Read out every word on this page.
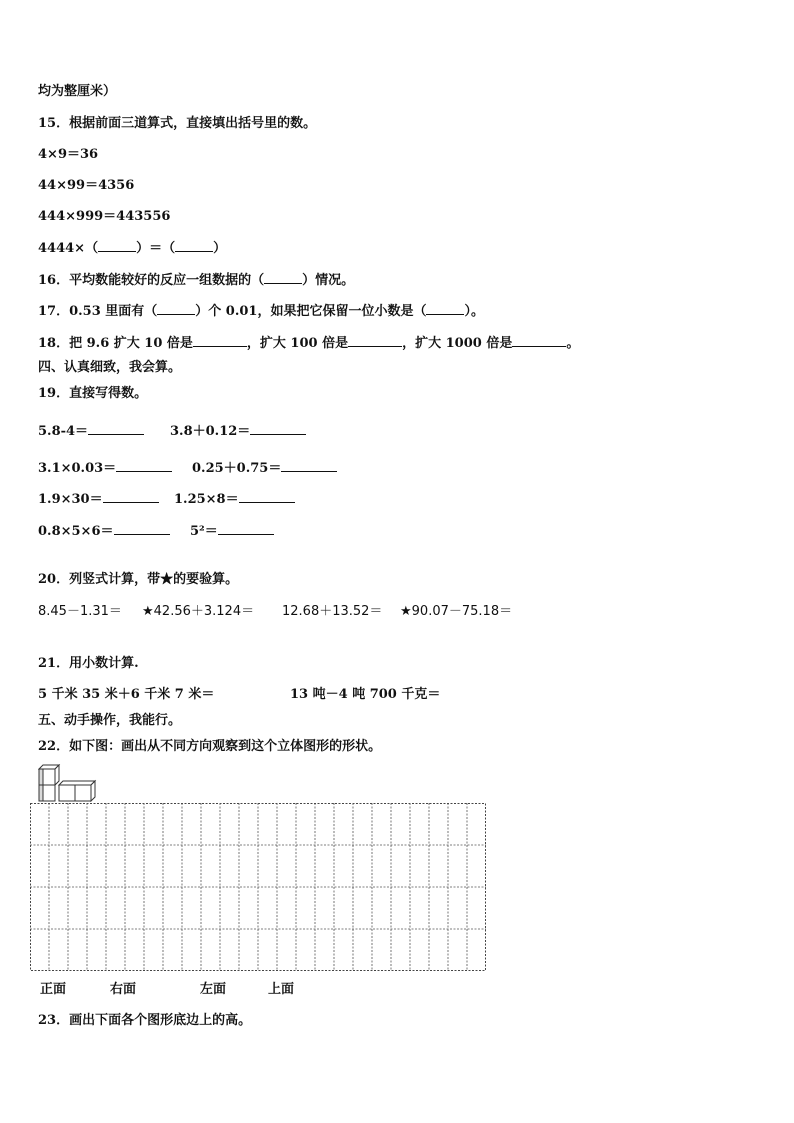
均为整厘米）
15．根据前面三道算式，直接填出括号里的数。
4×9＝36
44×99＝4356
444×999＝443556
4444×（	）＝（	）
16．平均数能较好的反应一组数据的（	）情况。
17．0.53 里面有（	）个 0.01，如果把它保留一位小数是（	）。
18．把 9.6 扩大 10 倍是	，扩大 100 倍是	，扩大 1000 倍是	。
四、认真细致，我会算。
19．直接写得数。
5.8-4＝	3.8＋0.12＝
3.1×0.03＝	0.25＋0.75＝
1.9×30＝	1.25×8＝
0.8×5×6＝	5²＝
20．列竖式计算，带★的要验算。
8.45－1.31＝ ★42.56＋3.124＝ 12.68＋13.52＝ ★90.07－75.18＝
21．用小数计算.
5 千米 35 米＋6 千米 7 米＝	13 吨－4 吨 700 千克＝
五、动手操作，我能行。
22．如下图：画出从不同方向观察到这个立体图形的形状。
正面	右面	左面	上面
23．画出下面各个图形底边上的高。
